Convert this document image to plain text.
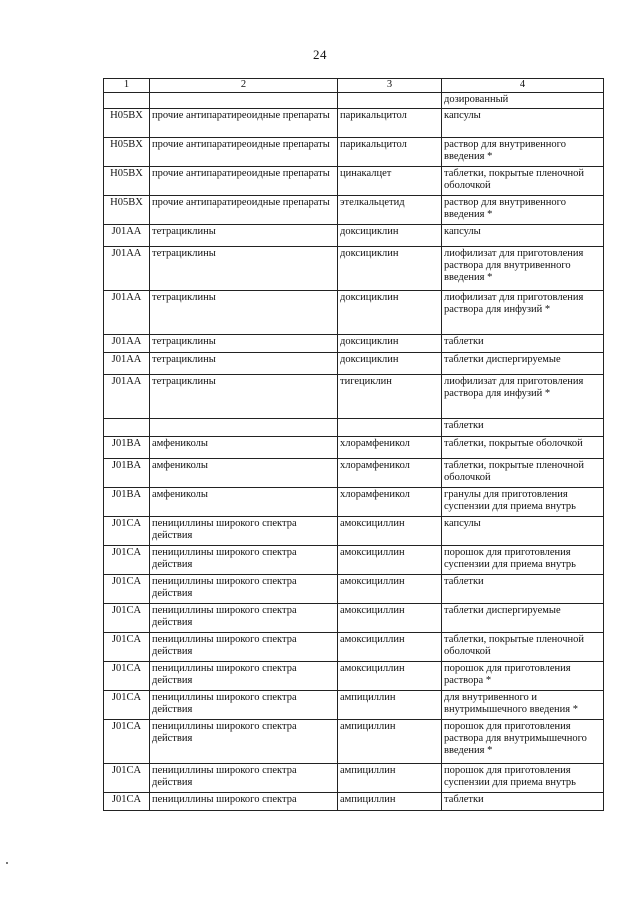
24
1	2	3	4
			дозированный
H05BX	прочие антипаратиреоидные препараты	парикальцитол	капсулы
H05BX	прочие антипаратиреоидные препараты	парикальцитол	раствор для внутривенного введения *
H05BX	прочие антипаратиреоидные препараты	цинакалцет	таблетки, покрытые пленочной оболочкой
H05BX	прочие антипаратиреоидные препараты	этелкальцетид	раствор для внутривенного введения *
J01AA	тетрациклины	доксициклин	капсулы
J01AA	тетрациклины	доксициклин	лиофилизат для приготовления раствора для внутривенного введения *
J01AA	тетрациклины	доксициклин	лиофилизат для приготовления раствора для инфузий *
J01AA	тетрациклины	доксициклин	таблетки
J01AA	тетрациклины	доксициклин	таблетки диспергируемые
J01AA	тетрациклины	тигециклин	лиофилизат для приготовления раствора для инфузий *
			таблетки
J01BA	амфениколы	хлорамфеникол	таблетки, покрытые оболочкой
J01BA	амфениколы	хлорамфеникол	таблетки, покрытые пленочной оболочкой
J01BA	амфениколы	хлорамфеникол	гранулы для приготовления суспензии для приема внутрь
J01CA	пенициллины широкого спектра действия	амоксициллин	капсулы
J01CA	пенициллины широкого спектра действия	амоксициллин	порошок для приготовления суспензии для приема внутрь
J01CA	пенициллины широкого спектра действия	амоксициллин	таблетки
J01CA	пенициллины широкого спектра действия	амоксициллин	таблетки диспергируемые
J01CA	пенициллины широкого спектра действия	амоксициллин	таблетки, покрытые пленочной оболочкой
J01CA	пенициллины широкого спектра действия	амоксициллин	порошок для приготовления раствора *
J01CA	пенициллины широкого спектра действия	ампициллин	для внутривенного и внутримышечного введения *
J01CA	пенициллины широкого спектра действия	ампициллин	порошок для приготовления раствора для внутримышечного введения *
J01CA	пенициллины широкого спектра действия	ампициллин	порошок для приготовления суспензии для приема внутрь
J01CA	пенициллины широкого спектра	ампициллин	таблетки
